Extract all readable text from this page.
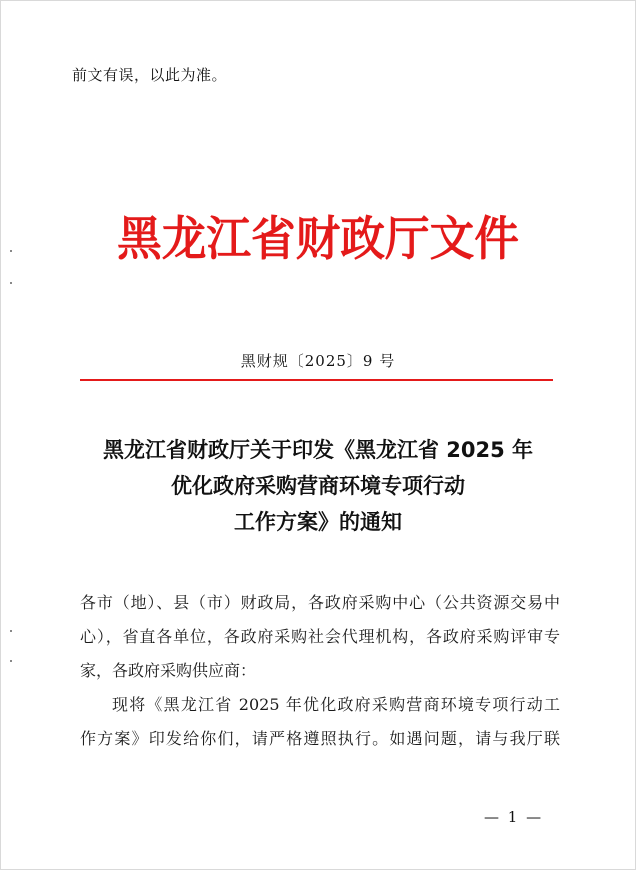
前文有误，以此为准。
黑龙江省财政厅文件
黑财规〔2025〕9 号
黑龙江省财政厅关于印发《黑龙江省 2025 年
优化政府采购营商环境专项行动
工作方案》的通知
各市（地）、县（市）财政局，各政府采购中心（公共资源交易中
心），省直各单位，各政府采购社会代理机构，各政府采购评审专
家，各政府采购供应商：
现将《黑龙江省 2025 年优化政府采购营商环境专项行动工
作方案》印发给你们，请严格遵照执行。如遇问题，请与我厅联
— 1 —
